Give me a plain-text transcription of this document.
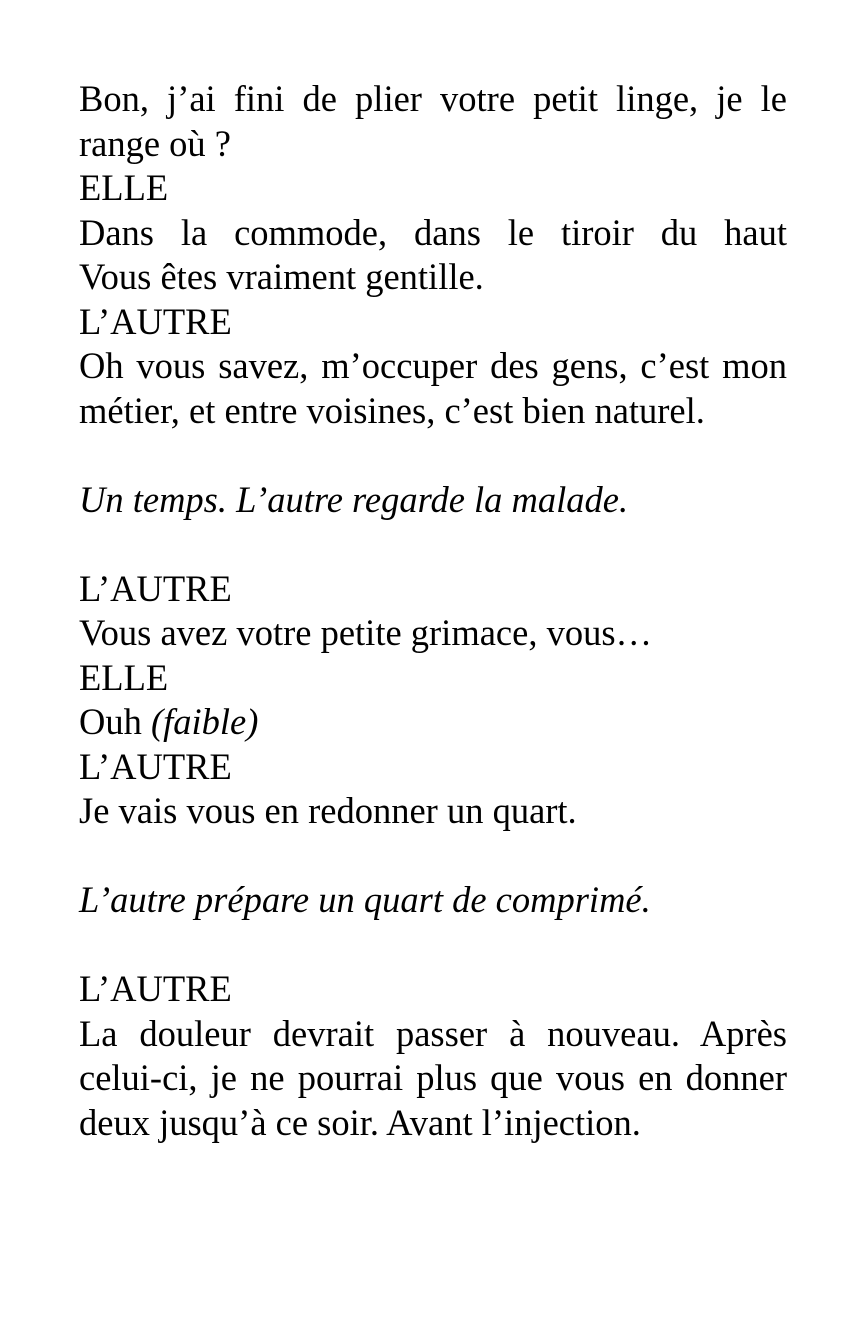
Bon, j’ai fini de plier votre petit linge, je le range où ?

ELLE

Dans la commode, dans le tiroir du haut

Vous êtes vraiment gentille.

L’AUTRE

Oh vous savez, m’occuper des gens, c’est mon métier, et entre voisines, c’est bien naturel.

Un temps. L’autre regarde la malade.

L’AUTRE

Vous avez votre petite grimace, vous…

ELLE

Ouh (faible)

L’AUTRE

Je vais vous en redonner un quart.

L’autre prépare un quart de comprimé.

L’AUTRE

La douleur devrait passer à nouveau. Après celui-ci, je ne pourrai plus que vous en donner deux jusqu’à ce soir. Avant l’injection.
